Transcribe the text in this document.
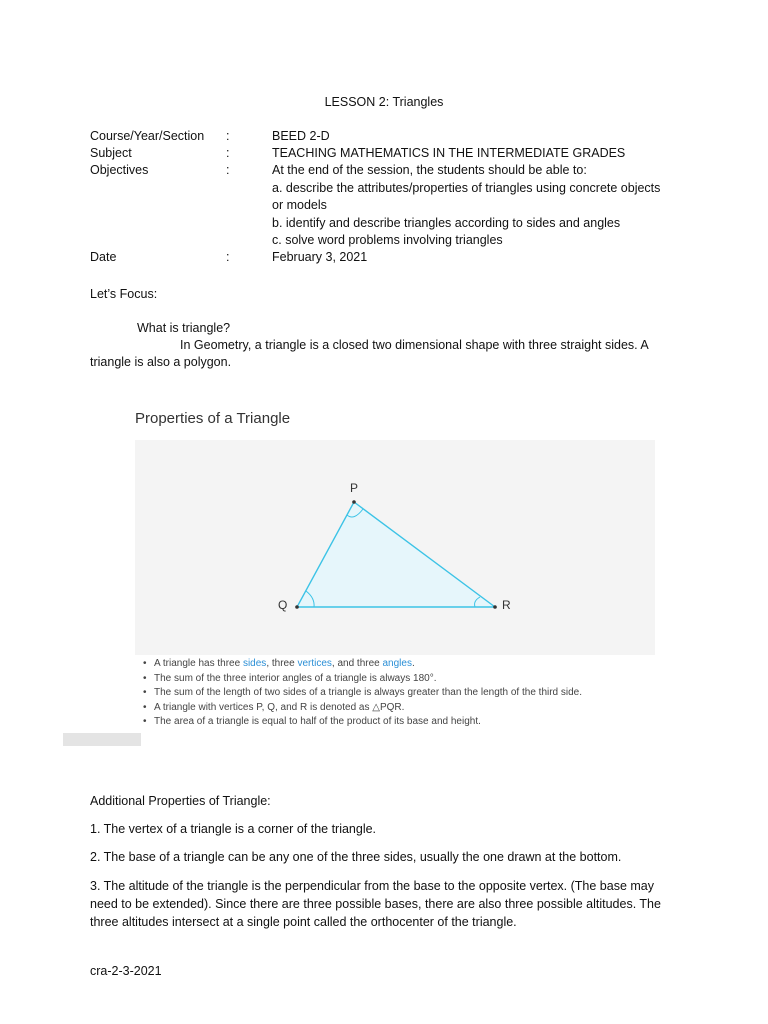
LESSON 2: Triangles
Course/Year/Section :	BEED 2-D
Subject	:	TEACHING MATHEMATICS IN THE INTERMEDIATE GRADES
Objectives	:	At the end of the session, the students should be able to:
a. describe the attributes/properties of triangles using concrete objects
or models
b. identify and describe triangles according to sides and angles
c. solve word problems involving triangles
Date	:	February 3, 2021
Let’s Focus:
What is triangle?
In Geometry, a triangle is a closed two dimensional shape with three straight sides. A
triangle is also a polygon.
Properties of a Triangle
P
Q	R
• A triangle has three sides, three vertices, and three angles.
• The sum of the three interior angles of a triangle is always 180°.
• The sum of the length of two sides of a triangle is always greater than the length of the third side.
• A triangle with vertices P, Q, and R is denoted as △PQR.
• The area of a triangle is equal to half of the product of its base and height.
Additional Properties of Triangle:
1. The vertex of a triangle is a corner of the triangle.
2. The base of a triangle can be any one of the three sides, usually the one drawn at the bottom.
3. The altitude of the triangle is the perpendicular from the base to the opposite vertex. (The base may need to be extended). Since there are three possible bases, there are also three possible altitudes. The three altitudes intersect at a single point called the orthocenter of the triangle.
cra-2-3-2021
